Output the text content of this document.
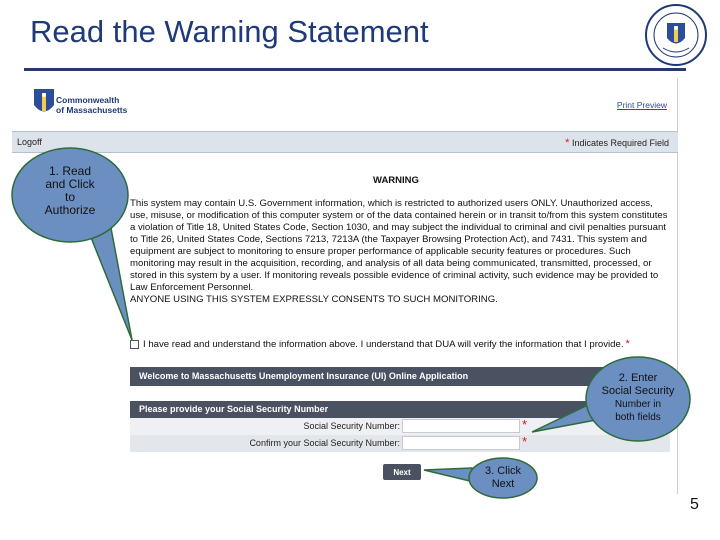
Read the Warning Statement
Commonwealth
of Massachusetts	Print Preview
Logoff	* Indicates Required Field
WARNING
This system may contain U.S. Government information, which is restricted to authorized users ONLY. Unauthorized access, use, misuse, or modification of this computer system or of the data contained herein or in transit to/from this system constitutes a violation of Title 18, United States Code, Section 1030, and may subject the individual to criminal and civil penalties pursuant to Title 26, United States Code, Sections 7213, 7213A (the Taxpayer Browsing Protection Act), and 7431. This system and equipment are subject to monitoring to ensure proper performance of applicable security features or procedures. Such monitoring may result in the acquisition, recording, and analysis of all data being communicated, transmitted, processed, or stored in this system by a user. If monitoring reveals possible evidence of criminal activity, such evidence may be provided to Law Enforcement Personnel.
ANYONE USING THIS SYSTEM EXPRESSLY CONSENTS TO SUCH MONITORING.
I have read and understand the information above. I understand that DUA will verify the information that I provide. *
Welcome to Massachusetts Unemployment Insurance (UI) Online Application
Please provide your Social Security Number
Social Security Number:	*
Confirm your Social Security Number:	*
Next
1. Read
and Click
to
Authorize
2. Enter
Social Security
Number in
both fields
3. Click
Next
5
